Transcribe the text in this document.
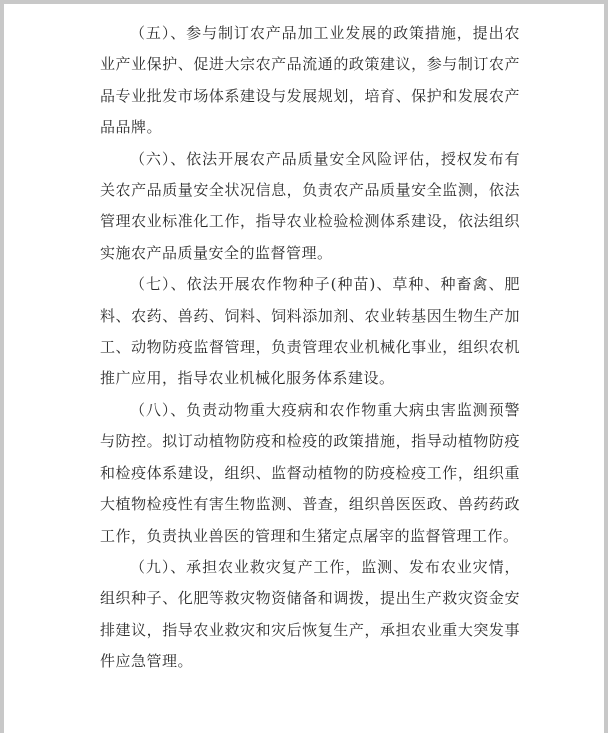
（五）、参与制订农产品加工业发展的政策措施，提出农业产业保护、促进大宗农产品流通的政策建议，参与制订农产品专业批发市场体系建设与发展规划，培育、保护和发展农产品品牌。

（六）、依法开展农产品质量安全风险评估，授权发布有关农产品质量安全状况信息，负责农产品质量安全监测，依法管理农业标准化工作，指导农业检验检测体系建设，依法组织实施农产品质量安全的监督管理。

（七）、依法开展农作物种子(种苗)、草种、种畜禽、肥料、农药、兽药、饲料、饲料添加剂、农业转基因生物生产加工、动物防疫监督管理，负责管理农业机械化事业，组织农机推广应用，指导农业机械化服务体系建设。

（八）、负责动物重大疫病和农作物重大病虫害监测预警与防控。拟订动植物防疫和检疫的政策措施，指导动植物防疫和检疫体系建设，组织、监督动植物的防疫检疫工作，组织重大植物检疫性有害生物监测、普查，组织兽医医政、兽药药政工作，负责执业兽医的管理和生猪定点屠宰的监督管理工作。

（九）、承担农业救灾复产工作，监测、发布农业灾情，组织种子、化肥等救灾物资储备和调拨，提出生产救灾资金安排建议，指导农业救灾和灾后恢复生产，承担农业重大突发事件应急管理。
